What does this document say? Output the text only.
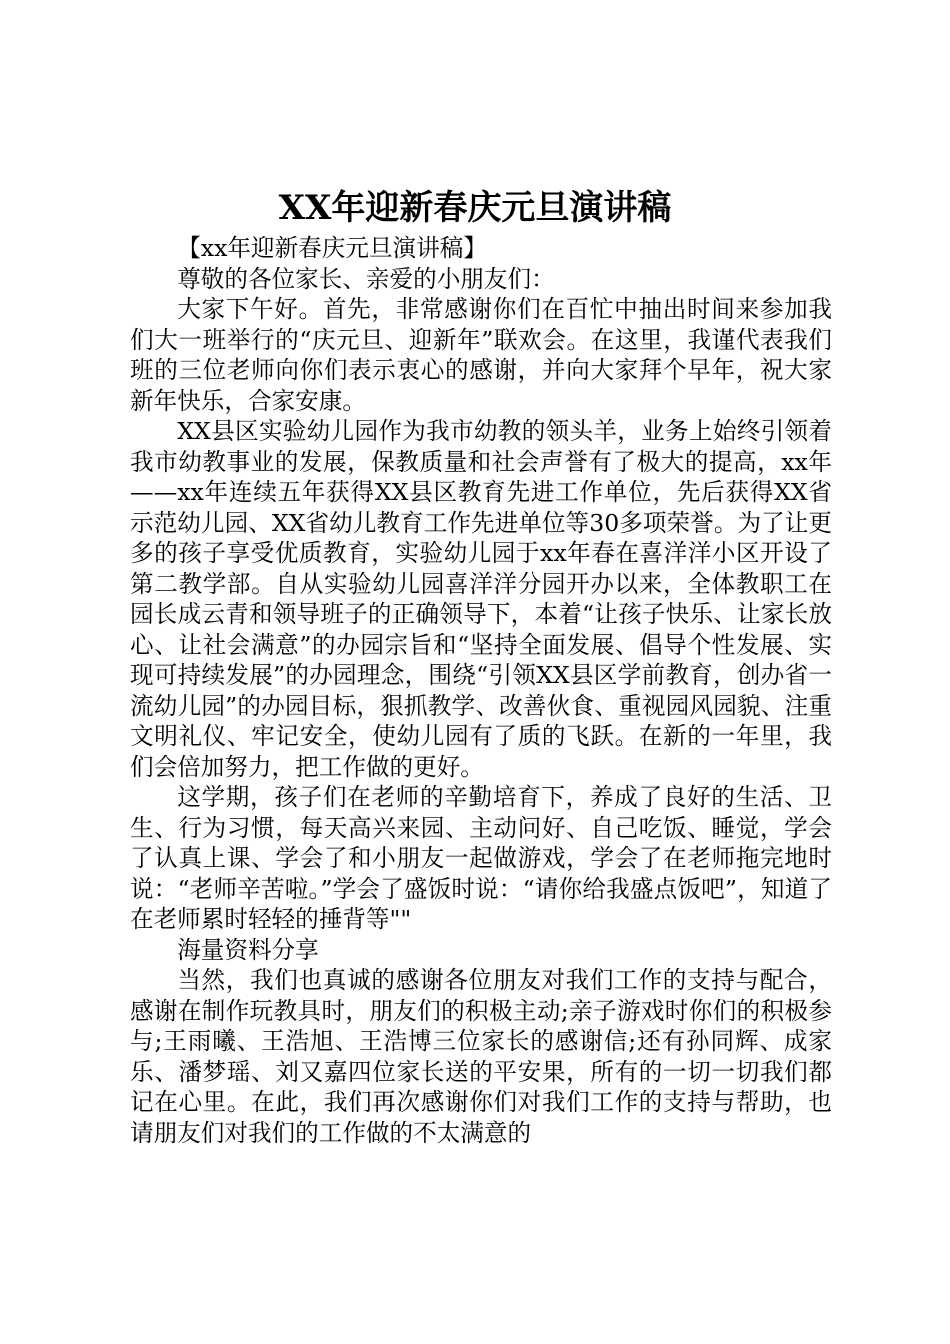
XX年迎新春庆元旦演讲稿

【xx年迎新春庆元旦演讲稿】

尊敬的各位家长、亲爱的小朋友们：

大家下午好。首先，非常感谢你们在百忙中抽出时间来参加我们大一班举行的“庆元旦、迎新年”联欢会。在这里，我谨代表我们班的三位老师向你们表示衷心的感谢，并向大家拜个早年，祝大家新年快乐，合家安康。

XX县区实验幼儿园作为我市幼教的领头羊，业务上始终引领着我市幼教事业的发展，保教质量和社会声誉有了极大的提高，xx年——xx年连续五年获得XX县区教育先进工作单位，先后获得XX省示范幼儿园、XX省幼儿教育工作先进单位等30多项荣誉。为了让更多的孩子享受优质教育，实验幼儿园于xx年春在喜洋洋小区开设了第二教学部。自从实验幼儿园喜洋洋分园开办以来，全体教职工在园长成云青和领导班子的正确领导下，本着“让孩子快乐、让家长放心、让社会满意”的办园宗旨和“坚持全面发展、倡导个性发展、实现可持续发展”的办园理念，围绕“引领XX县区学前教育，创办省一流幼儿园”的办园目标，狠抓教学、改善伙食、重视园风园貌、注重文明礼仪、牢记安全，使幼儿园有了质的飞跃。在新的一年里，我们会倍加努力，把工作做的更好。

这学期，孩子们在老师的辛勤培育下，养成了良好的生活、卫生、行为习惯，每天高兴来园、主动问好、自己吃饭、睡觉，学会了认真上课、学会了和小朋友一起做游戏，学会了在老师拖完地时说：“老师辛苦啦。”学会了盛饭时说：“请你给我盛点饭吧”，知道了在老师累时轻轻的捶背等""

海量资料分享

当然，我们也真诚的感谢各位朋友对我们工作的支持与配合，感谢在制作玩教具时，朋友们的积极主动;亲子游戏时你们的积极参与;王雨曦、王浩旭、王浩博三位家长的感谢信;还有孙同辉、成家乐、潘梦瑶、刘又嘉四位家长送的平安果，所有的一切一切我们都记在心里。在此，我们再次感谢你们对我们工作的支持与帮助，也请朋友们对我们的工作做的不太满意的
